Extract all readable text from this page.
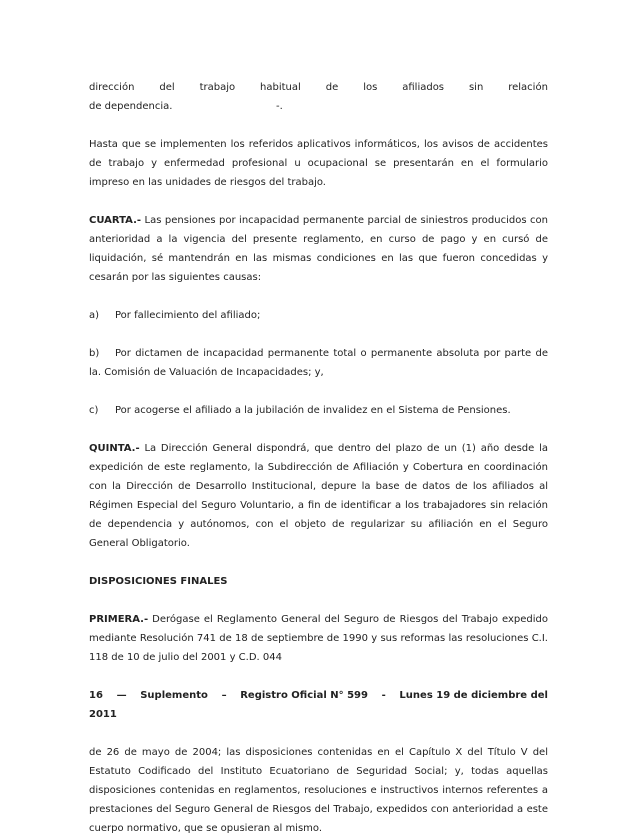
dirección del trabajo habitual de los afiliados sin relación
de dependencia.	-.

Hasta que se implementen los referidos aplicativos informáticos, los avisos de accidentes de trabajo y enfermedad profesional u ocupacional se presentarán en el formulario impreso en las unidades de riesgos del trabajo.

CUARTA.- Las pensiones por incapacidad permanente parcial de siniestros producidos con anterioridad a la vigencia del presente reglamento, en curso de pago y en cursó de liquidación, sé mantendrán en las mismas condiciones en las que fueron concedidas y cesarán por las siguientes causas:

a)	Por fallecimiento del afiliado;

b) Por dictamen de incapacidad permanente total o permanente absoluta por parte de la. Comisión de Valuación de Incapacidades; y,

c)	Por acogerse el afiliado a la jubilación de invalidez en el Sistema de Pensiones.

QUINTA.- La Dirección General dispondrá, que dentro del plazo de un (1) año desde la expedición de este reglamento, la Subdirección de Afiliación y Cobertura en coordinación con la Dirección de Desarrollo Institucional, depure la base de datos de los afiliados al Régimen Especial del Seguro Voluntario, a fin de identificar a los trabajadores sin relación de dependencia y autónomos, con el objeto de regularizar su afiliación en el Seguro General Obligatorio.

DISPOSICIONES FINALES

PRIMERA.- Derógase el Reglamento General del Seguro de Riesgos del Trabajo expedido mediante Resolución 741 de 18 de septiembre de 1990 y sus reformas las resoluciones C.I. 118 de 10 de julio del 2001 y C.D. 044

16 — Suplemento – Registro Oficial N° 599 - Lunes 19 de diciembre del

2011

de 26 de mayo de 2004; las disposiciones contenidas en el Capítulo X del Título V del Estatuto Codificado del Instituto Ecuatoriano de Seguridad Social; y, todas aquellas disposiciones contenidas en reglamentos, resoluciones e instructivos internos referentes a prestaciones del Seguro General de Riesgos del Trabajo, expedidos con anterioridad a este cuerpo normativo, que se opusieran al mismo.
